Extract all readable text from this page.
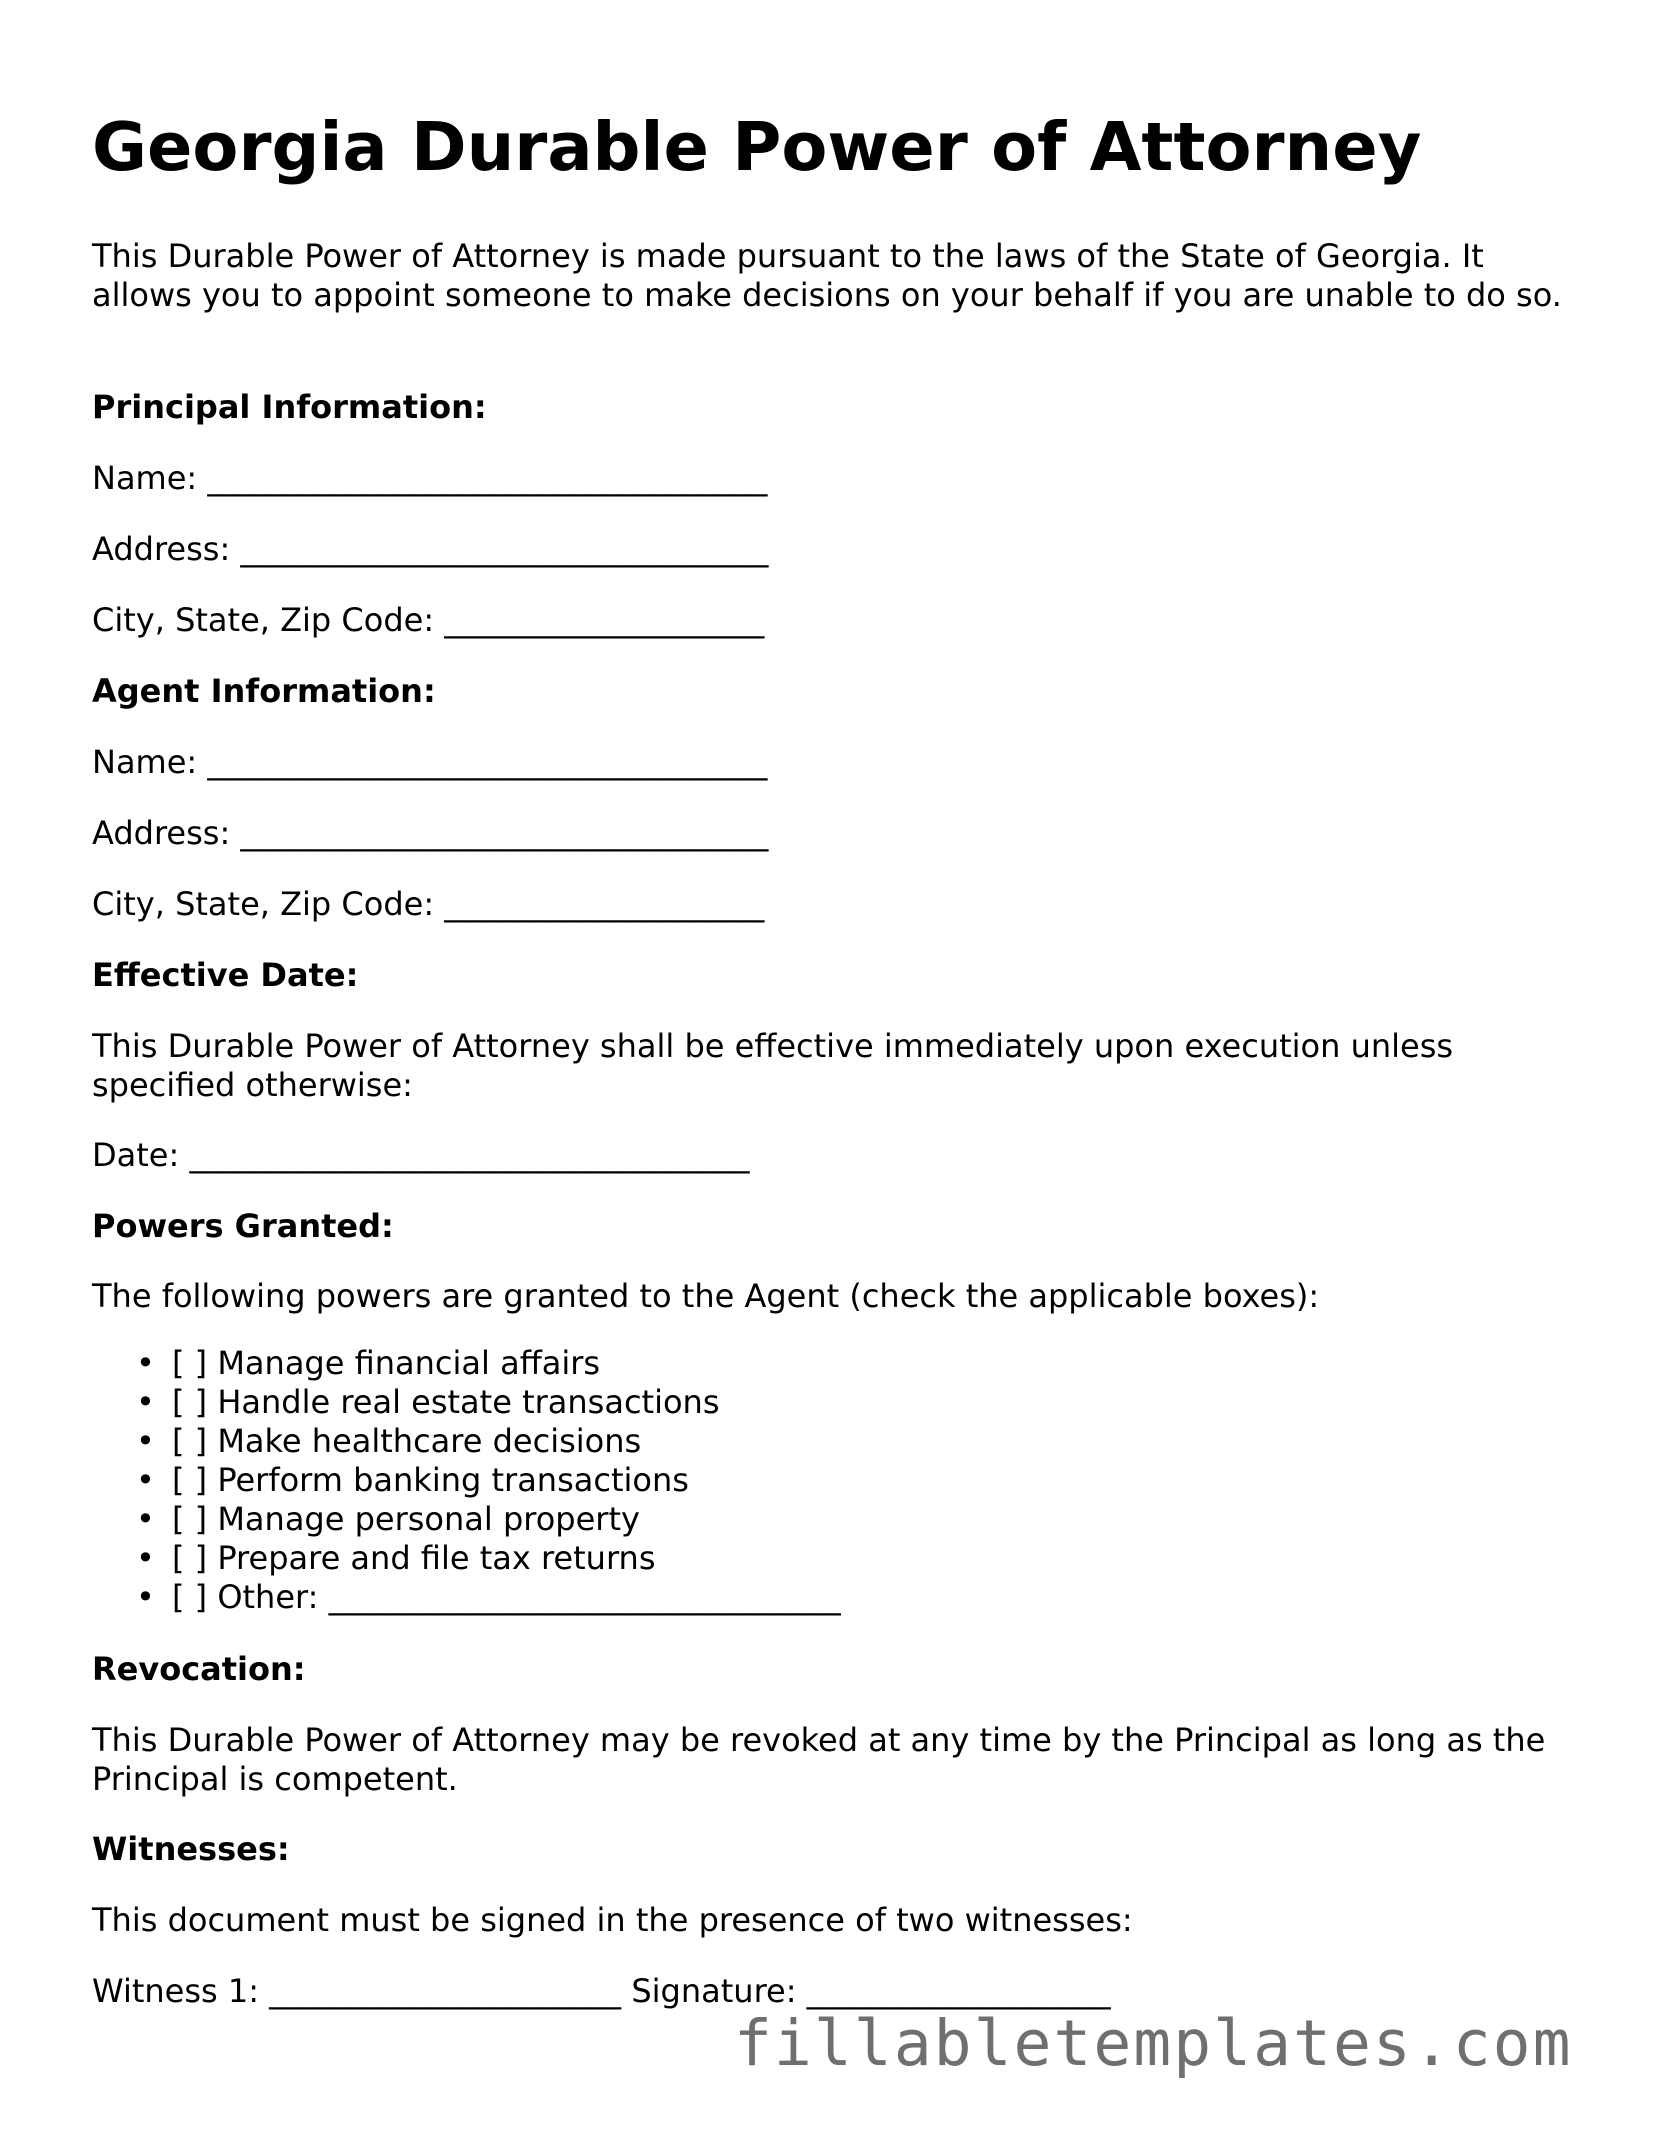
Georgia Durable Power of Attorney

This Durable Power of Attorney is made pursuant to the laws of the State of Georgia. It allows you to appoint someone to make decisions on your behalf if you are unable to do so.

Principal Information:

Name: ___________________________________

Address: _________________________________

City, State, Zip Code: ____________________

Agent Information:

Name: ___________________________________

Address: _________________________________

City, State, Zip Code: ____________________

Effective Date:

This Durable Power of Attorney shall be effective immediately upon execution unless specified otherwise:

Date: ___________________________________

Powers Granted:

The following powers are granted to the Agent (check the applicable boxes):

• [ ] Manage financial affairs
• [ ] Handle real estate transactions
• [ ] Make healthcare decisions
• [ ] Perform banking transactions
• [ ] Manage personal property
• [ ] Prepare and file tax returns
• [ ] Other: ________________________________

Revocation:

This Durable Power of Attorney may be revoked at any time by the Principal as long as the Principal is competent.

Witnesses:

This document must be signed in the presence of two witnesses:

Witness 1: ______________________ Signature: ___________________

fillabletemplates.com
